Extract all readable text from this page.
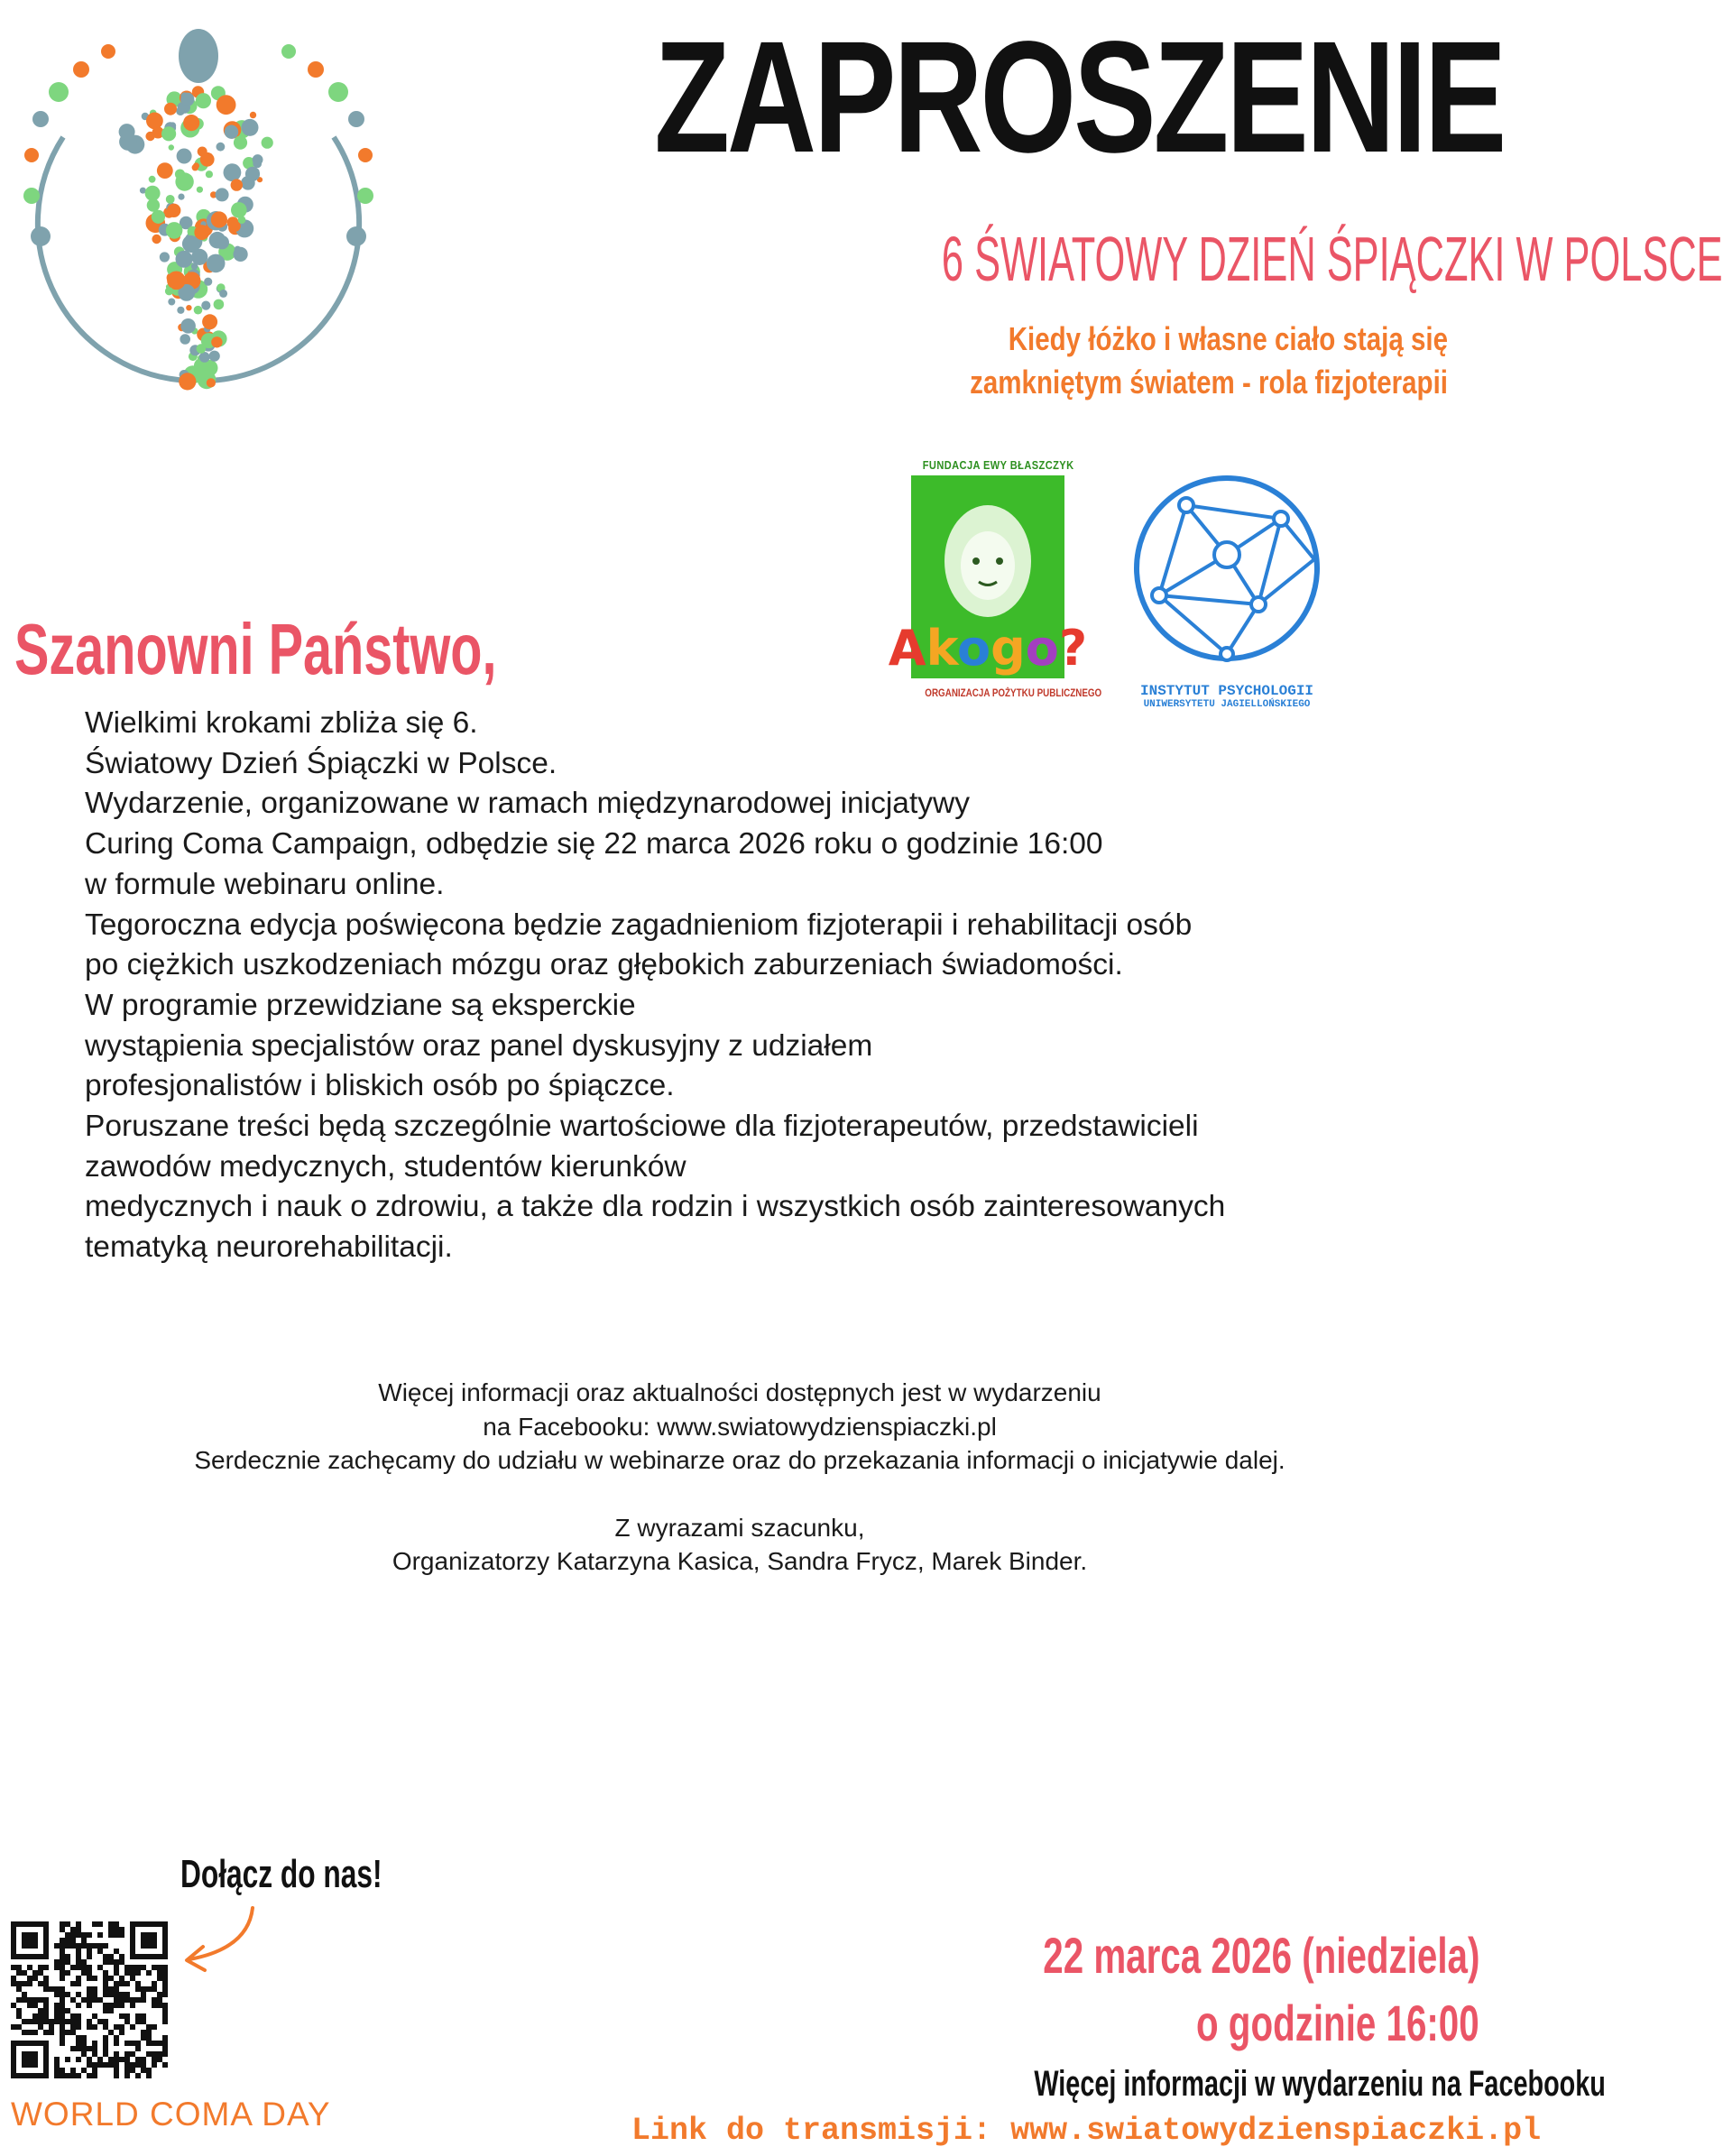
ZAPROSZENIE
6 ŚWIATOWY DZIEŃ ŚPIĄCZKI W POLSCE
Kiedy łóżko i własne ciało stają się
zamkniętym światem - rola fizjoterapii
FUNDACJA EWY BŁASZCZYK
Akogo?
ORGANIZACJA POŻYTKU PUBLICZNEGO	INSTYTUT PSYCHOLOGII
UNIWERSYTETU JAGIELLOŃSKIEGO
Szanowni Państwo,
Wielkimi krokami zbliża się 6.
Światowy Dzień Śpiączki w Polsce.
Wydarzenie, organizowane w ramach międzynarodowej inicjatywy
Curing Coma Campaign, odbędzie się 22 marca 2026 roku o godzinie 16:00
w formule webinaru online.
Tegoroczna edycja poświęcona będzie zagadnieniom fizjoterapii i rehabilitacji osób
po ciężkich uszkodzeniach mózgu oraz głębokich zaburzeniach świadomości.
W programie przewidziane są eksperckie
wystąpienia specjalistów oraz panel dyskusyjny z udziałem
profesjonalistów i bliskich osób po śpiączce.
Poruszane treści będą szczególnie wartościowe dla fizjoterapeutów, przedstawicieli
zawodów medycznych, studentów kierunków
medycznych i nauk o zdrowiu, a także dla rodzin i wszystkich osób zainteresowanych
tematyką neurorehabilitacji.
Więcej informacji oraz aktualności dostępnych jest w wydarzeniu
na Facebooku: www.swiatowydzienspiaczki.pl
Serdecznie zachęcamy do udziału w webinarze oraz do przekazania informacji o inicjatywie dalej.
Z wyrazami szacunku,
Organizatorzy Katarzyna Kasica, Sandra Frycz, Marek Binder.
Dołącz do nas!
WORLD COMA DAY
22 marca 2026 (niedziela)
o godzinie 16:00
Więcej informacji w wydarzeniu na Facebooku
Link do transmisji: www.swiatowydzienspiaczki.pl
